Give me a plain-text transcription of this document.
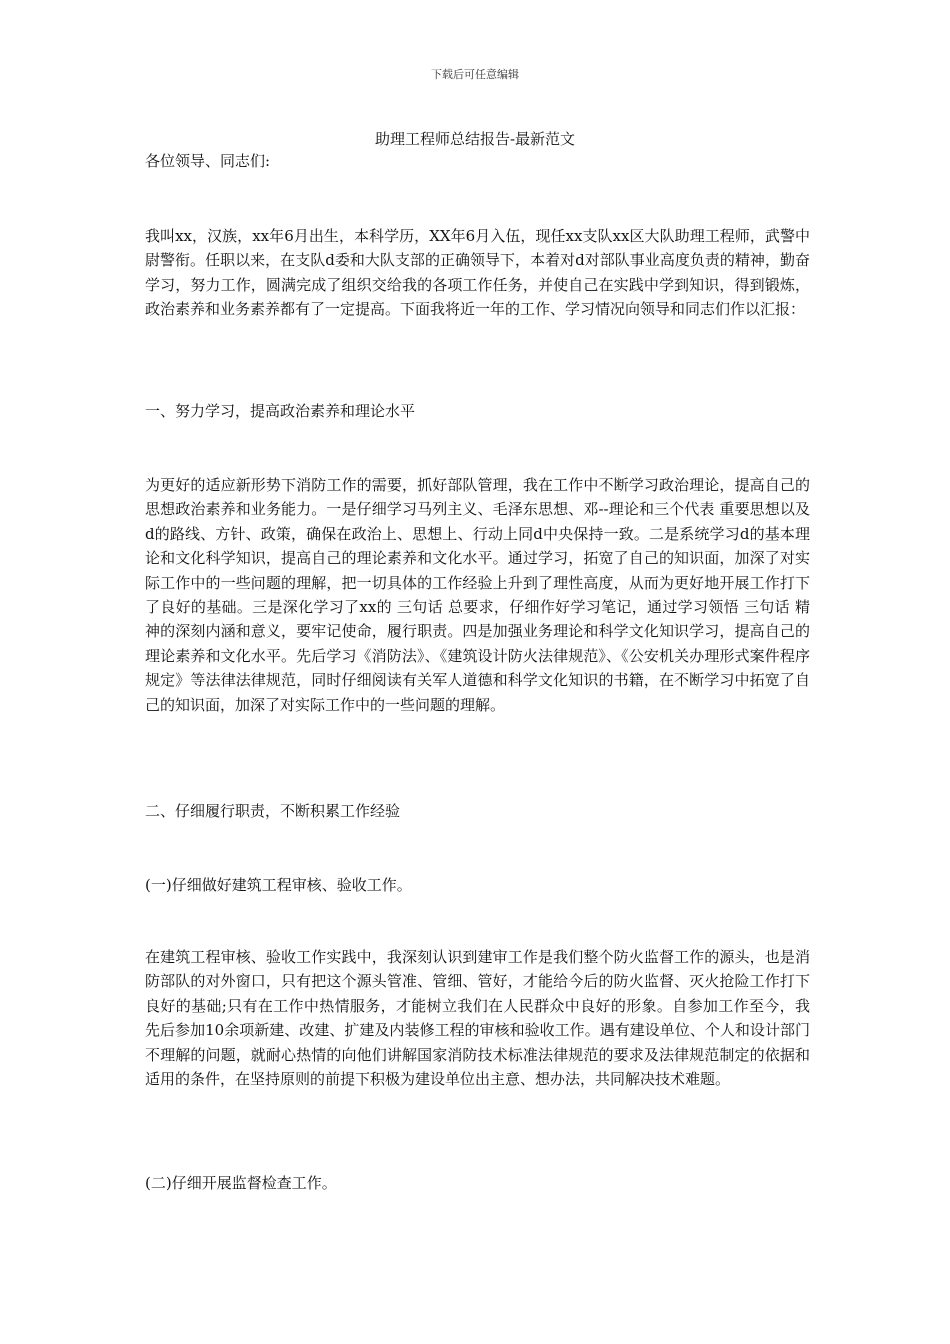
下载后可任意编辑
助理工程师总结报告-最新范文
各位领导、同志们:

我叫xx，汉族，xx年6月出生，本科学历，XX年6月入伍，现任xx支队xx区大队助理工程师，武警中尉警衔。任职以来，在支队d委和大队支部的正确领导下，本着对d对部队事业高度负责的精神，勤奋学习，努力工作，圆满完成了组织交给我的各项工作任务，并使自己在实践中学到知识，得到锻炼，政治素养和业务素养都有了一定提高。下面我将近一年的工作、学习情况向领导和同志们作以汇报：

一、努力学习，提高政治素养和理论水平

为更好的适应新形势下消防工作的需要，抓好部队管理，我在工作中不断学习政治理论，提高自己的思想政治素养和业务能力。一是仔细学习马列主义、毛泽东思想、邓--理论和三个代表 重要思想以及d的路线、方针、政策，确保在政治上、思想上、行动上同d中央保持一致。二是系统学习d的基本理论和文化科学知识，提高自己的理论素养和文化水平。通过学习，拓宽了自己的知识面，加深了对实际工作中的一些问题的理解，把一切具体的工作经验上升到了理性高度，从而为更好地开展工作打下了良好的基础。三是深化学习了xx的 三句话 总要求，仔细作好学习笔记，通过学习领悟 三句话 精神的深刻内涵和意义，要牢记使命，履行职责。四是加强业务理论和科学文化知识学习，提高自己的理论素养和文化水平。先后学习《消防法》、《建筑设计防火法律规范》、《公安机关办理形式案件程序规定》等法律法律规范，同时仔细阅读有关军人道德和科学文化知识的书籍，在不断学习中拓宽了自己的知识面，加深了对实际工作中的一些问题的理解。

二、仔细履行职责，不断积累工作经验

(一)仔细做好建筑工程审核、验收工作。

在建筑工程审核、验收工作实践中，我深刻认识到建审工作是我们整个防火监督工作的源头，也是消防部队的对外窗口，只有把这个源头管准、管细、管好，才能给今后的防火监督、灭火抢险工作打下良好的基础;只有在工作中热情服务，才能树立我们在人民群众中良好的形象。自参加工作至今，我先后参加10余项新建、改建、扩建及内装修工程的审核和验收工作。遇有建设单位、个人和设计部门不理解的问题，就耐心热情的向他们讲解国家消防技术标准法律规范的要求及法律规范制定的依据和适用的条件，在坚持原则的前提下积极为建设单位出主意、想办法，共同解决技术难题。

(二)仔细开展监督检查工作。
